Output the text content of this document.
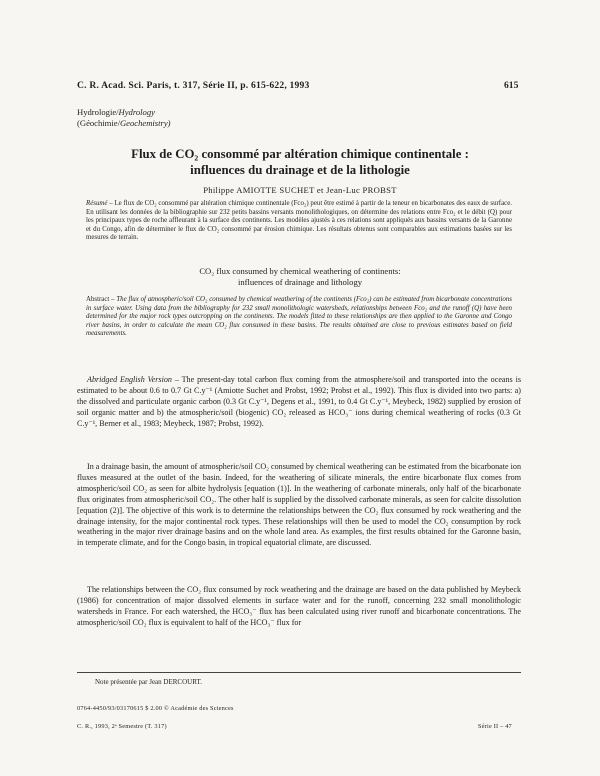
C. R. Acad. Sci. Paris, t. 317, Série II, p. 615-622, 1993	615
Hydrologie/Hydrology
(Géochimie/Geochemistry)
Flux de CO₂ consommé par altération chimique continentale :
influences du drainage et de la lithologie
Philippe AMIOTTE SUCHET et Jean-Luc PROBST
Résumé – Le flux de CO₂ consommé par altération chimique continentale (Fco₂) peut être estimé à partir de la teneur en bicarbonates des eaux de surface. En utilisant les données de la bibliographie sur 232 petits bassins versants monolithologiques, on détermine des relations entre Fco₂ et le débit (Q) pour les principaux types de roche affleurant à la surface des continents. Les modèles ajustés à ces relations sont appliqués aux bassins versants de la Garonne et du Congo, afin de déterminer le flux de CO₂ consommé par érosion chimique. Les résultats obtenus sont comparables aux estimations basées sur les mesures de terrain.
CO₂ flux consumed by chemical weathering of continents:
influences of drainage and lithology
Abstract – The flux of atmospheric/soil CO₂ consumed by chemical weathering of the continents (Fco₂) can be estimated from bicarbonate concentrations in surface water. Using data from the bibliography for 232 small monolithologic watersheds, relationships between Fco₂ and the runoff (Q) have been determined for the major rock types outcropping on the continents. The models fitted to these relationships are then applied to the Garonne and Congo river basins, in order to calculate the mean CO₂ flux consumed in these basins. The results obtained are close to previous estimates based on field measurements.
Abridged English Version – The present-day total carbon flux coming from the atmosphere/soil and transported into the oceans is estimated to be about 0.6 to 0.7 Gt C.y⁻¹ (Amiotte Suchet and Probst, 1992; Probst et al., 1992). This flux is divided into two parts: a) the dissolved and particulate organic carbon (0.3 Gt C.y⁻¹, Degens et al., 1991, to 0.4 Gt C.y⁻¹, Meybeck, 1982) supplied by erosion of soil organic matter and b) the atmospheric/soil (biogenic) CO₂ released as HCO₃⁻ ions during chemical weathering of rocks (0.3 Gt C.y⁻¹, Berner et al., 1983; Meybeck, 1987; Probst, 1992).
In a drainage basin, the amount of atmospheric/soil CO₂ consumed by chemical weathering can be estimated from the bicarbonate ion fluxes measured at the outlet of the basin. Indeed, for the weathering of silicate minerals, the entire bicarbonate flux comes from atmospheric/soil CO₂ as seen for albite hydrolysis [equation (1)]. In the weathering of carbonate minerals, only half of the bicarbonate flux originates from atmospheric/soil CO₂. The other half is supplied by the dissolved carbonate minerals, as seen for calcite dissolution [equation (2)]. The objective of this work is to determine the relationships between the CO₂ flux consumed by rock weathering and the drainage intensity, for the major continental rock types. These relationships will then be used to model the CO₂ consumption by rock weathering in the major river drainage basins and on the whole land area. As examples, the first results obtained for the Garonne basin, in temperate climate, and for the Congo basin, in tropical equatorial climate, are discussed.
The relationships between the CO₂ flux consumed by rock weathering and the drainage are based on the data published by Meybeck (1986) for concentration of major dissolved elements in surface water and for the runoff, concerning 232 small monolithologic watersheds in France. For each watershed, the HCO₃⁻ flux has been calculated using river runoff and bicarbonate concentrations. The atmospheric/soil CO₂ flux is equivalent to half of the HCO₃⁻ flux for
Note présentée par Jean DERCOURT.
0764-4450/93/03170615 $ 2.00 © Académie des Sciences
C. R., 1993, 2ᵉ Semestre (T. 317)	Série II – 47
